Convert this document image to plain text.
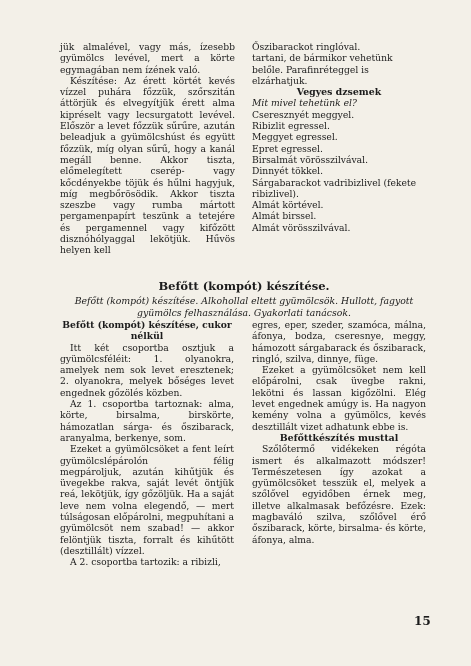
jük almalével, vagy más, ízesebb gyümölcs levével, mert a körte egymagában nem ízének való.

Készítése: Az érett körtét kevés vízzel puhára főzzük, szőrszitán áttörjük és elvegyítjük érett alma kipréselt vagy lecsurgatott levével. Először a levet főzzük sűrűre, azután beleadjuk a gyümölcshúst és együtt főzzük, míg olyan sűrű, hogy a kanál megáll benne. Akkor tiszta, előmelegített cserép- vagy kőcdényekbe töjük és hűlni hagyjuk, míg megbőrösödik. Akkor tiszta szeszbe vagy rumba mártott pergamenpapírt teszünk a tetejére és pergamennel vagy kifőzött disznóhólyaggal lekötjük. Hűvös helyen kell

Őszibarackot ringlóval.

tartani, de bármikor vehetünk belőle. Parafinréteggel is elzárhatjuk.

Vegyes dzsemek

Mit mivel tehetünk el?

Cseresznyét meggyel.

Ribizlit egressel.

Meggyet egressel.

Epret egressel.

Birsalmát vörösszilvával.

Dinnyét tökkel.

Sárgabarackot vadribizlivel (fekete ribizlivel).

Almát körtével.

Almát birssel.

Almát vörösszilvával.

Befőtt (kompót) készítése.
Befőtt (kompót) készítése. Alkohollal eltett gyümölcsök. Hullott, fagyott gyümölcs felhasználása. Gyakorlati tanácsok.

Befőtt (kompót) készítése, cukor nélkül

Itt két csoportba osztjuk a gyümölcsféléit: 1. olyanokra, amelyek nem sok levet eresztenek; 2. olyanokra, melyek bőséges levet engednek gőzölés közben.

Az 1. csoportba tartoznak: alma, körte, birsalma, birskörte, hámozatlan sárga- és őszibarack, aranyalma, berkenye, som.

Ezeket a gyümölcsöket a fent leírt gyümölcslépárolón félig megpároljuk, azután kihűtjük és üvegekbe rakva, saját levét öntjük reá, lekötjük, így gőzöljük. Ha a saját leve nem volna elegendő, — mert túlságosan előpárolni, megpuhítani a gyümölcsöt nem szabad! — akkor felöntjük tiszta, forralt és kihűtött (desztillált) vízzel.

A 2. csoportba tartozik: a ribizli,

egres, eper, szeder, szamóca, málna, áfonya, bodza, cseresnye, meggy, hámozott sárgabarack és őszibarack, ringló, szilva, dinnye, füge.

Ezeket a gyümölcsöket nem kell előpárolni, csak üvegbe rakni, lekötni és lassan kigőzölni. Elég levet engednek amúgy is. Ha nagyon kemény volna a gyümölcs, kevés desztillált vizet adhatunk ebbe is.

Befőttkészítés musttal

Szőlőtermő vidékeken régóta ismert és alkalmazott módszer! Természetesen így azokat a gyümölcsöket tesszük el, melyek a szőlővel egyidőben érnek meg, illetve alkalmasak befőzésre. Ezek: magbaváló szilva, szőlővel érő őszibarack, körte, birsalma- és körte, áfonya, alma.

15
